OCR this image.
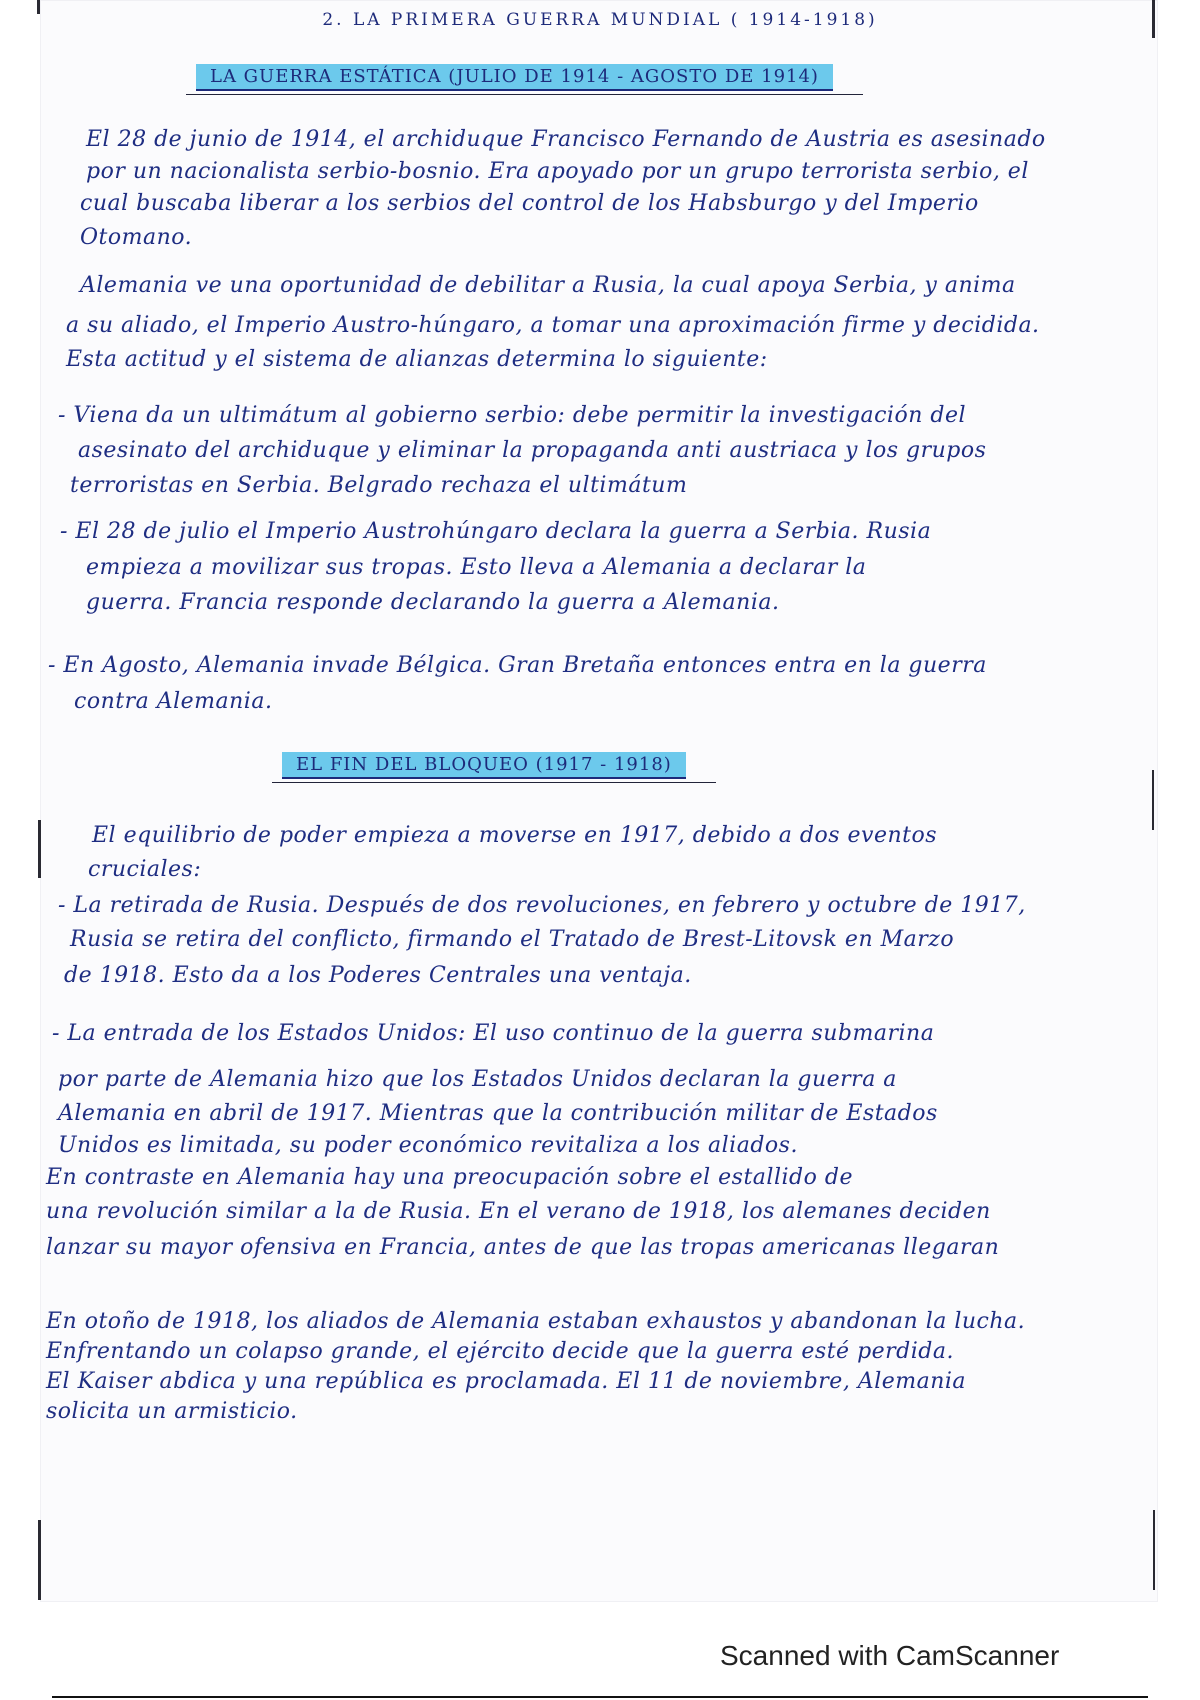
2. LA PRIMERA GUERRA MUNDIAL ( 1914-1918)
LA GUERRA ESTÁTICA (JULIO DE 1914 - AGOSTO DE 1914)
El 28 de junio de 1914, el archiduque Francisco Fernando de Austria es asesinado
por un nacionalista serbio-bosnio. Era apoyado por un grupo terrorista serbio, el
cual buscaba liberar a los serbios del control de los Habsburgo y del Imperio
Otomano.
Alemania ve una oportunidad de debilitar a Rusia, la cual apoya Serbia, y anima
a su aliado, el Imperio Austro-húngaro, a tomar una aproximación firme y decidida.
Esta actitud y el sistema de alianzas determina lo siguiente:
- Viena da un ultimátum al gobierno serbio: debe permitir la investigación del
asesinato del archiduque y eliminar la propaganda anti austriaca y los grupos
terroristas en Serbia. Belgrado rechaza el ultimátum
- El 28 de julio el Imperio Austrohúngaro declara la guerra a Serbia. Rusia
empieza a movilizar sus tropas. Esto lleva a Alemania a declarar la
guerra. Francia responde declarando la guerra a Alemania.
- En Agosto, Alemania invade Bélgica. Gran Bretaña entonces entra en la guerra
contra Alemania.
EL FIN DEL BLOQUEO (1917 - 1918)
El equilibrio de poder empieza a moverse en 1917, debido a dos eventos
cruciales:
- La retirada de Rusia. Después de dos revoluciones, en febrero y octubre de 1917,
Rusia se retira del conflicto, firmando el Tratado de Brest-Litovsk en Marzo
de 1918. Esto da a los Poderes Centrales una ventaja.
- La entrada de los Estados Unidos: El uso continuo de la guerra submarina
por parte de Alemania hizo que los Estados Unidos declaran la guerra a
Alemania en abril de 1917. Mientras que la contribución militar de Estados
Unidos es limitada, su poder económico revitaliza a los aliados.
En contraste en Alemania hay una preocupación sobre el estallido de
una revolución similar a la de Rusia. En el verano de 1918, los alemanes deciden
lanzar su mayor ofensiva en Francia, antes de que las tropas americanas llegaran
En otoño de 1918, los aliados de Alemania estaban exhaustos y abandonan la lucha.
Enfrentando un colapso grande, el ejército decide que la guerra esté perdida.
El Kaiser abdica y una república es proclamada. El 11 de noviembre, Alemania
solicita un armisticio.
Scanned with CamScanner
